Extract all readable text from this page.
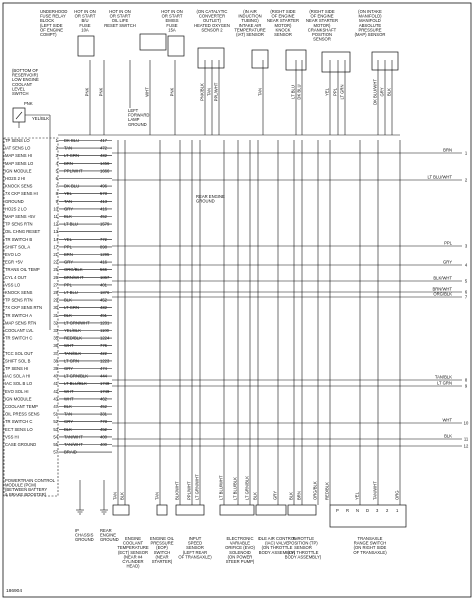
UNDERHOOD FUSE RELAY BLOCK (LEFT SIDE OF ENGINE COMPT)
HOT IN ON OR START B/U FUSE 10A
HOT IN ON OR START OIL LIFE RESET SWITCH
HOT IN ON OR START EMISS FUSE 15A
(ON CATALYTIC CONVERTER OUTLET) HEATED OXYGEN SENSOR 2
(IN AIR INDUCTION TUBING) INTAKE AIR TEMPERATURE (IAT) SENSOR
(RIGHT SIDE OF ENGINE NEAR STARTER MOTOR) KNOCK SENSOR
(RIGHT SIDE OF ENGINE NEAR STARTER MOTOR) CRANKSHAFT POSITION SENSOR
(ON INTAKE MANIFOLD) MANIFOLD ABSOLUTE PRESSURE (MAP) SENSOR
YEL/BLK
PNK
(BOTTOM OF RESERVOIR) LOW ENGINE COOLANT LEVEL SWITCH	PNK PNK	WHT	PNK	PNK/BLK TAN PPL/WHT	TAN	LT BLU DK BLU	YEL PPL LT GRN	DK BLU/WHT GRY BLK
TP SENS LO	1 DK BLU	417
IAT SENS LO	2 TAN	472
MAP SENS HI	3 LT GRN	432
MAP SENS LO	4 BRN	1456
IGN MODULE	5 PPL/WHT	1666
HO2S 2 HI	6
KNOCK SENS	7 DK BLU	496
7X CKP SENS HI	8 YEL	573
GROUND	9 TAN	413
HO2S 2 LO	10 GRY	416
MAP SENS +5V	11 BLK	452
TP SENS RTN	12 LT BLU	1579
OIL CHNG RESET	13
TR SWITCH B	14 YEL	772
SHIFT SOL A	17 PPL	898
EVO LO	21 BRN	1295
EGR +5V	22 GRY	416
TRANS OIL TEMP	25 ORG/BLK	566
CYL 4 OUT	26 BRN/WHT	1867
VSS LO	27 PPL	401
KNOCK SENS	28 LT BLU	1876
TP SENS RTN	29 BLK	452
7X CKP SENS RTN	30 LT GRN	432
TR SWITCH A	31 BLK	451
MAP SENS RTN	32 LT GRN/WHT 1231
COOLANT LVL	33 YEL/BLK	1100
TR SWITCH C	35 RED/BLK	1224
36 WHT	776
TCC SOL OUT	37 TAN/BLK	422
SHIFT SOL B	38 LT GRN	1223
TP SENS HI	39 GRY	474
IAC SOL A HI	40 LT GRN/BLK	444
IAC SOL B LO	41 LT BLU/BLK	1748
EVO SOL HI	42 WHT	1749
IGN MODULE	43 WHT	462
COOLANT TEMP	47 BLK	452
OIL PRESS SENS	51 TAN	331
TR SWITCH C	52 GRY	773
ECT SENS LO	53 BLK	452
VSS HI	54 TAN/WHT	400
CASE GROUND	55 TAN/WHT	400
57 BRAID
POWERTRAIN CONTROL MODULE (PCM) (BETWEEN BATTERY & BRAKE BOOSTER)
BRN
1
LT BLU/WHT
2
PPL
3
GRY
4
BLK/WHT
5
BRN/WHT
6
ORG/BLK
7
TAN/BLK
8
LT GRN
9
WHT
10
BLK
11
12
TAN BLK	TAN	BLK/WHT PPL/WHT LT GRN/WHT	LT BLU/WHT LT BLU/BLK LT GRN/BLK BLK	GRY	BLK BRN	ORG/BLK RED/BLK	YEL	TAN/WHT	ORG
ENGINE COOLANT TEMPERATURE (ECT) SENSOR (NEAR #4 CYLINDER HEAD)
ENGINE OIL PRESSURE (EOP) SWITCH (NEAR STARTER)
INPUT SPEED SENSOR (LEFT REAR OF TRANSAXLE)
ELECTRONIC VARIABLE ORIFICE (EVO) SOLENOID (ON POWER STEER PUMP)
IDLE AIR CONTROL (IAC) VALVE (ON THROTTLE BODY ASSEMBLY)
THROTTLE POSITION (TP) SENSOR (ON THROTTLE BODY ASSEMBLY)
TRANSAXLE RANGE SWITCH (ON RIGHT SIDE OF TRANSAXLE)
LEFT FORWARD LAMP GROUND
REAR ENGINE GROUND
IP CHASSIS GROUND
REAR ENGINE GROUND
P R N D 3 2 1
186904
